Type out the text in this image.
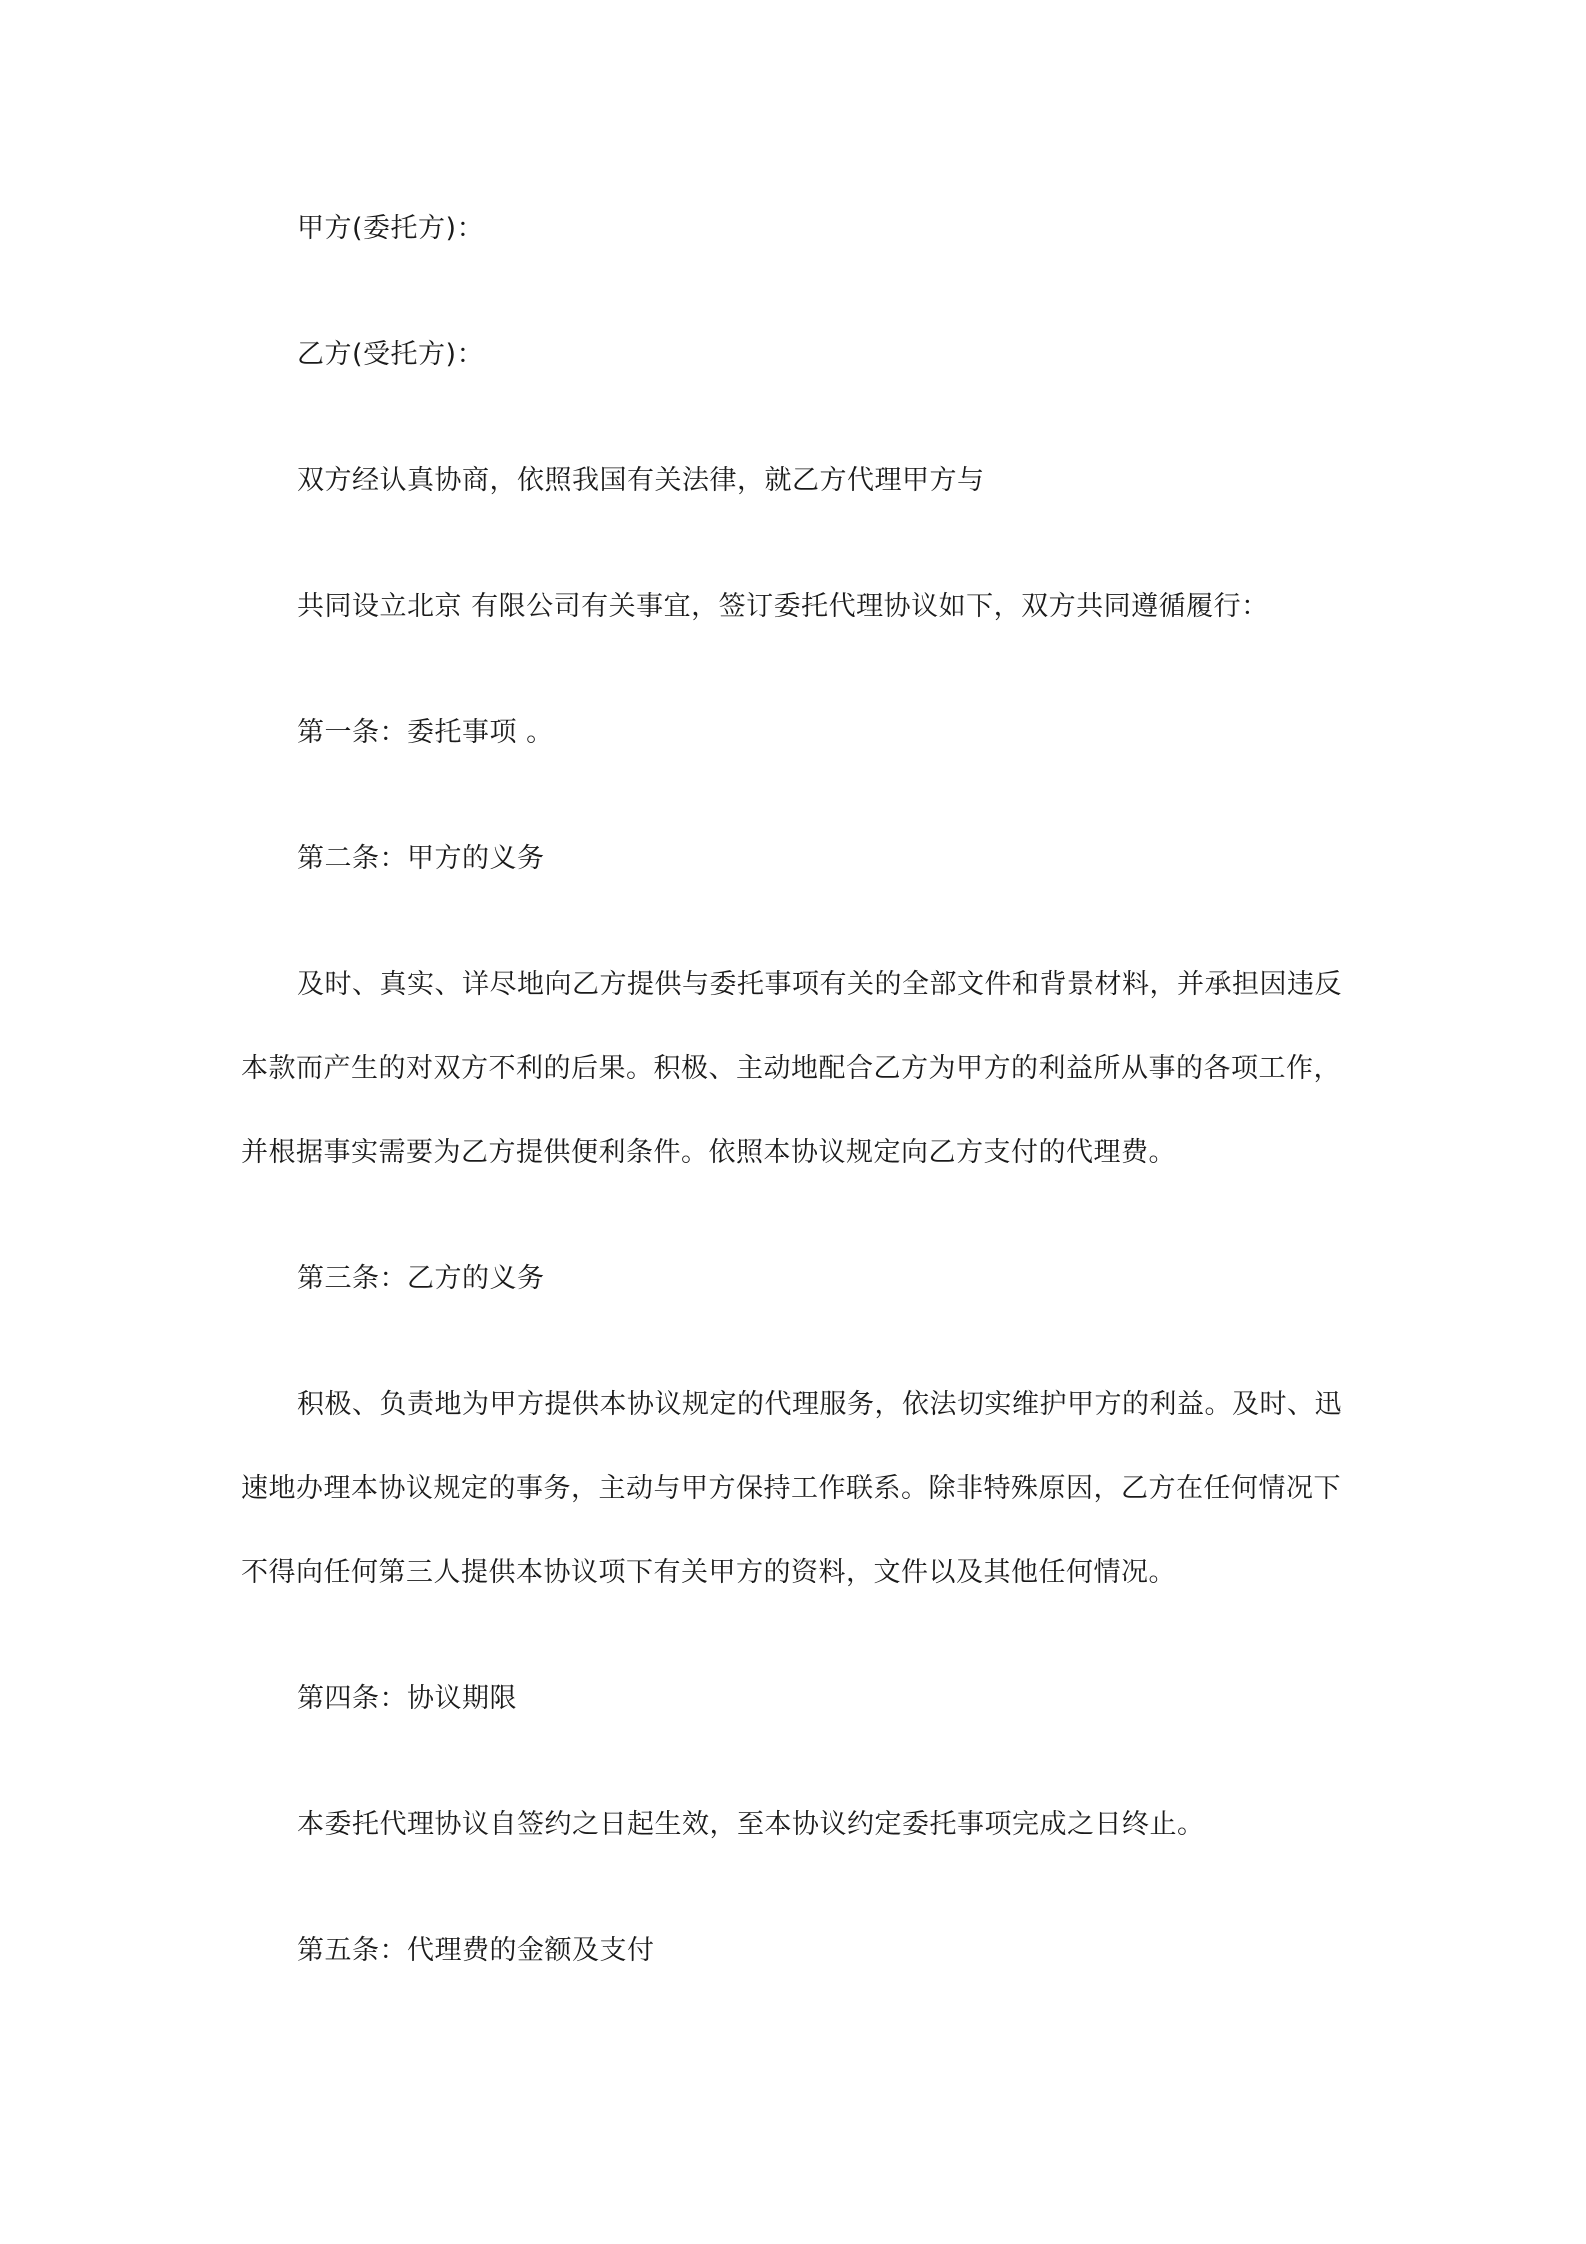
甲方(委托方)：

乙方(受托方)：

双方经认真协商，依照我国有关法律，就乙方代理甲方与

共同设立北京 有限公司有关事宜，签订委托代理协议如下，双方共同遵循履行：

第一条：委托事项 。

第二条：甲方的义务

及时、真实、详尽地向乙方提供与委托事项有关的全部文件和背景材料，并承担因违反

本款而产生的对双方不利的后果。积极、主动地配合乙方为甲方的利益所从事的各项工作，

并根据事实需要为乙方提供便利条件。依照本协议规定向乙方支付的代理费。

第三条：乙方的义务

积极、负责地为甲方提供本协议规定的代理服务，依法切实维护甲方的利益。及时、迅

速地办理本协议规定的事务，主动与甲方保持工作联系。除非特殊原因，乙方在任何情况下

不得向任何第三人提供本协议项下有关甲方的资料，文件以及其他任何情况。

第四条：协议期限

本委托代理协议自签约之日起生效，至本协议约定委托事项完成之日终止。

第五条：代理费的金额及支付
